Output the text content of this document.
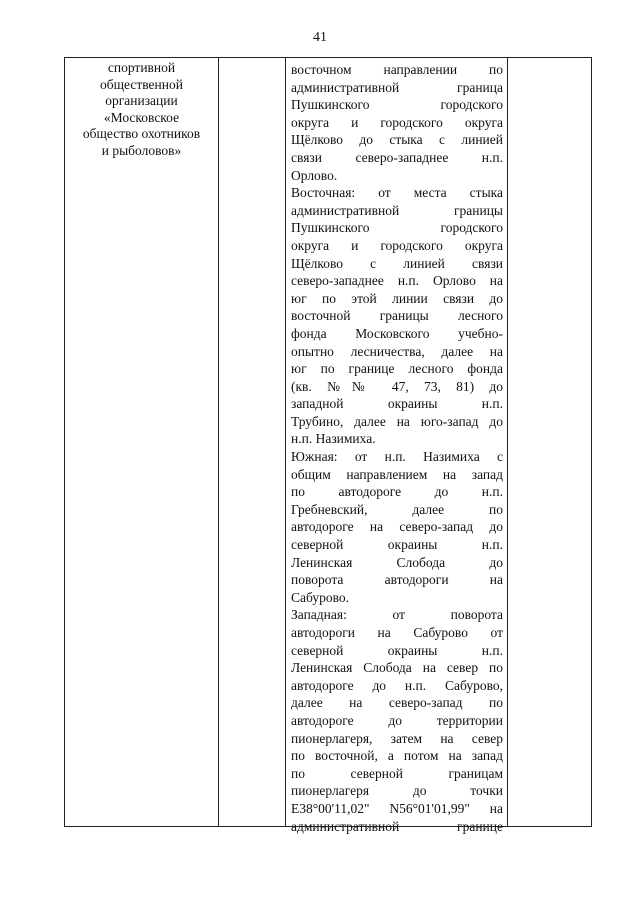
41
спортивной
общественной
организации
«Московское
общество охотников
и рыболовов»
восточном направлении по
административной граница
Пушкинского городского
округа и городского округа
Щёлково до стыка с линией
связи северо-западнее н.п.
Орлово.
Восточная: от места стыка
административной границы
Пушкинского городского
округа и городского округа
Щёлково с линией связи
северо-западнее н.п. Орлово на
юг по этой линии связи до
восточной границы лесного
фонда Московского учебно-
опытно лесничества, далее на
юг по границе лесного фонда
(кв. №№ 47, 73, 81) до
западной окраины н.п.
Трубино, далее на юго-запад до
н.п. Назимиха.
Южная: от н.п. Назимиха с
общим направлением на запад
по автодороге до н.п.
Гребневский, далее по
автодороге на северо-запад до
северной окраины н.п.
Ленинская Слобода до
поворота автодороги на
Сабурово.
Западная: от поворота
автодороги на Сабурово от
северной окраины н.п.
Ленинская Слобода на север по
автодороге до н.п. Сабурово,
далее на северо-запад по
автодороге до территории
пионерлагеря, затем на север
по восточной, а потом на запад
по северной границам
пионерлагеря до точки
E38°00'11,02" N56°01'01,99" на
административной границе
